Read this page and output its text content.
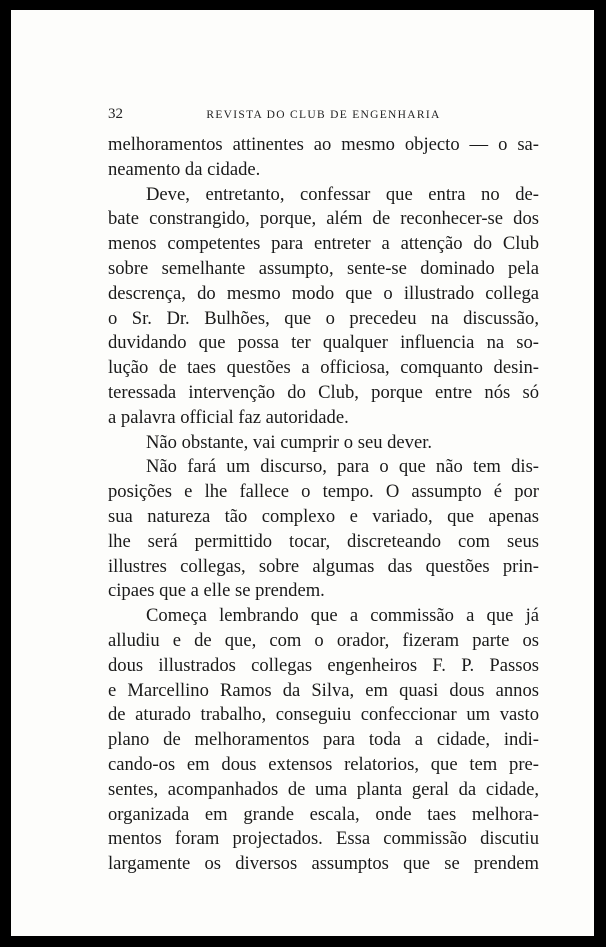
32	REVISTA DO CLUB DE ENGENHARIA
melhoramentos attinentes ao mesmo objecto — o sa-
neamento da cidade.
Deve, entretanto, confessar que entra no de-
bate constrangido, porque, além de reconhecer-se dos
menos competentes para entreter a attenção do Club
sobre semelhante assumpto, sente-se dominado pela
descrença, do mesmo modo que o illustrado collega
o Sr. Dr. Bulhões, que o precedeu na discussão,
duvidando que possa ter qualquer influencia na so-
lução de taes questões a officiosa, comquanto desin-
teressada intervenção do Club, porque entre nós só
a palavra official faz autoridade.
Não obstante, vai cumprir o seu dever.
Não fará um discurso, para o que não tem dis-
posições e lhe fallece o tempo. O assumpto é por
sua natureza tão complexo e variado, que apenas
lhe será permittido tocar, discreteando com seus
illustres collegas, sobre algumas das questões prin-
cipaes que a elle se prendem.
Começa lembrando que a commissão a que já
alludiu e de que, com o orador, fizeram parte os
dous illustrados collegas engenheiros F. P. Passos
e Marcellino Ramos da Silva, em quasi dous annos
de aturado trabalho, conseguiu confeccionar um vasto
plano de melhoramentos para toda a cidade, indi-
cando-os em dous extensos relatorios, que tem pre-
sentes, acompanhados de uma planta geral da cidade,
organizada em grande escala, onde taes melhora-
mentos foram projectados. Essa commissão discutiu
largamente os diversos assumptos que se prendem
